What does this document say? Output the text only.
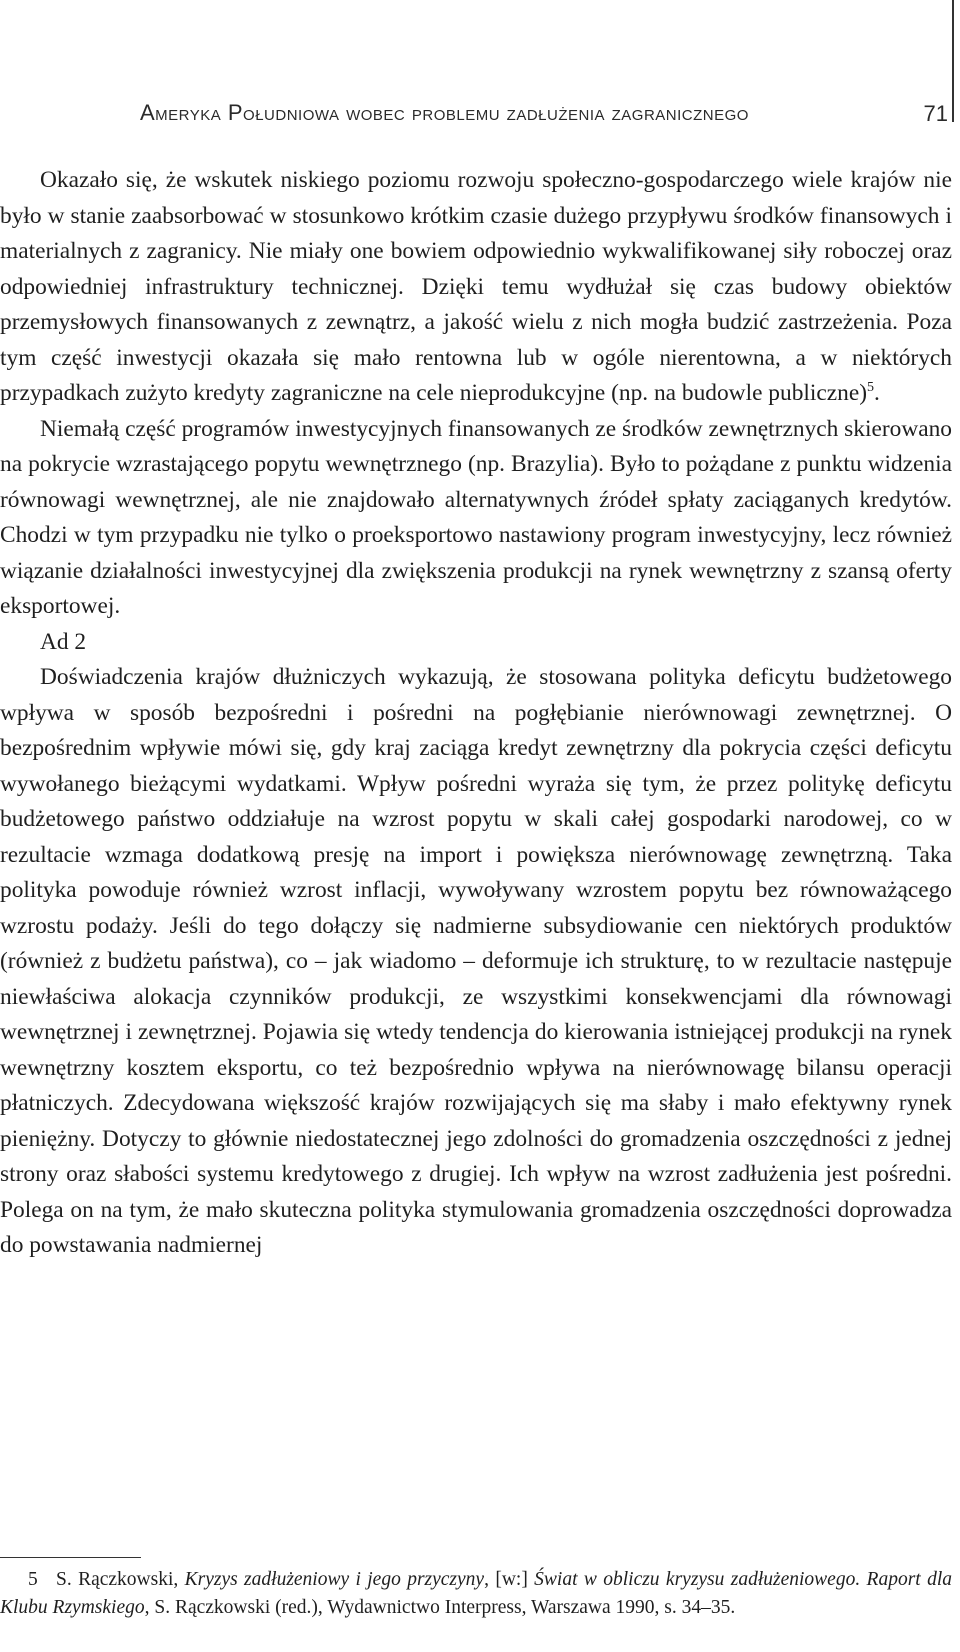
Ameryka Południowa wobec problemu zadłużenia zagranicznego	71

Okazało się, że wskutek niskiego poziomu rozwoju społeczno-gospodarczego wiele krajów nie było w stanie zaabsorbować w stosunkowo krótkim czasie dużego przypływu środków finansowych i materialnych z zagranicy. Nie miały one bowiem odpowiednio wykwalifikowanej siły roboczej oraz odpowiedniej infrastruktury technicznej. Dzięki temu wydłużał się czas budowy obiektów przemysłowych finansowanych z zewnątrz, a jakość wielu z nich mogła budzić zastrzeżenia. Poza tym część inwestycji okazała się mało rentowna lub w ogóle nierentowna, a w niektórych przypadkach zużyto kredyty zagraniczne na cele nieprodukcyjne (np. na budowle publiczne)$^5$.

Niemałą część programów inwestycyjnych finansowanych ze środków zewnętrznych skierowano na pokrycie wzrastającego popytu wewnętrznego (np. Brazylia). Było to pożądane z punktu widzenia równowagi wewnętrznej, ale nie znajdowało alternatywnych źródeł spłaty zaciąganych kredytów. Chodzi w tym przypadku nie tylko o proeksportowo nastawiony program inwestycyjny, lecz również wiązanie działalności inwestycyjnej dla zwiększenia produkcji na rynek wewnętrzny z szansą oferty eksportowej.

Ad 2

Doświadczenia krajów dłużniczych wykazują, że stosowana polityka deficytu budżetowego wpływa w sposób bezpośredni i pośredni na pogłębianie nierównowagi zewnętrznej. O bezpośrednim wpływie mówi się, gdy kraj zaciąga kredyt zewnętrzny dla pokrycia części deficytu wywołanego bieżącymi wydatkami. Wpływ pośredni wyraża się tym, że przez politykę deficytu budżetowego państwo oddziałuje na wzrost popytu w skali całej gospodarki narodowej, co w rezultacie wzmaga dodatkową presję na import i powiększa nierównowagę zewnętrzną. Taka polityka powoduje również wzrost inflacji, wywoływany wzrostem popytu bez równoważącego wzrostu podaży. Jeśli do tego dołączy się nadmierne subsydiowanie cen niektórych produktów (również z budżetu państwa), co – jak wiadomo – deformuje ich strukturę, to w rezultacie następuje niewłaściwa alokacja czynników produkcji, ze wszystkimi konsekwencjami dla równowagi wewnętrznej i zewnętrznej. Pojawia się wtedy tendencja do kierowania istniejącej produkcji na rynek wewnętrzny kosztem eksportu, co też bezpośrednio wpływa na nierównowagę bilansu operacji płatniczych. Zdecydowana większość krajów rozwijających się ma słaby i mało efektywny rynek pieniężny. Dotyczy to głównie niedostatecznej jego zdolności do gromadzenia oszczędności z jednej strony oraz słabości systemu kredytowego z drugiej. Ich wpływ na wzrost zadłużenia jest pośredni. Polega on na tym, że mało skuteczna polityka stymulowania gromadzenia oszczędności doprowadza do powstawania nadmiernej

5 S. Rączkowski, Kryzys zadłużeniowy i jego przyczyny, [w:] Świat w obliczu kryzysu zadłużeniowego. Raport dla Klubu Rzymskiego, S. Rączkowski (red.), Wydawnictwo Interpress, Warszawa 1990, s. 34–35.
